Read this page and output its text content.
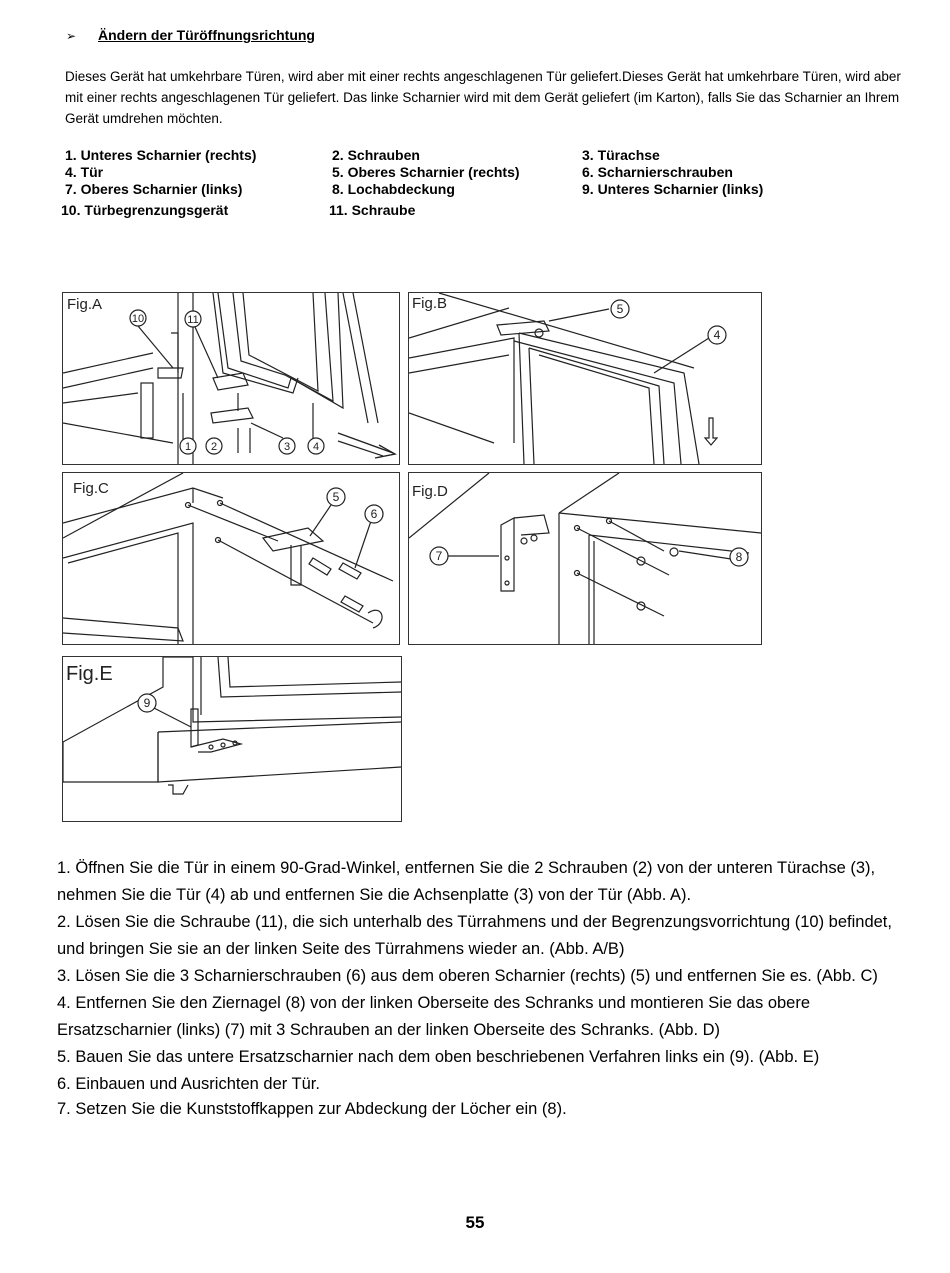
➢ Ändern der Türöffnungsrichtung
Dieses Gerät hat umkehrbare Türen, wird aber mit einer rechts angeschlagenen Tür geliefert.Dieses Gerät hat umkehrbare Türen, wird aber mit einer rechts angeschlagenen Tür geliefert. Das linke Scharnier wird mit dem Gerät geliefert (im Karton), falls Sie das Scharnier an Ihrem Gerät umdrehen möchten.
1. Unteres Scharnier (rechts)	2. Schrauben	3. Türachse
4. Tür	5. Oberes Scharnier (rechts)	6. Scharnierschrauben
7. Oberes Scharnier (links)	8. Lochabdeckung	9. Unteres Scharnier (links)
10. Türbegrenzungsgerät	11. Schraube
Fig.A
10	11
1 2	3 4
Fig.B	5
4
Fig.C	5
6
Fig.D
7	8
Fig.E
9
1. Öffnen Sie die Tür in einem 90-Grad-Winkel, entfernen Sie die 2 Schrauben (2) von der unteren Türachse (3), nehmen Sie die Tür (4) ab und entfernen Sie die Achsenplatte (3) von der Tür (Abb. A).
2. Lösen Sie die Schraube (11), die sich unterhalb des Türrahmens und der Begrenzungsvorrichtung (10) befindet, und bringen Sie sie an der linken Seite des Türrahmens wieder an. (Abb. A/B)
3. Lösen Sie die 3 Scharnierschrauben (6) aus dem oberen Scharnier (rechts) (5) und entfernen Sie es. (Abb. C)
4. Entfernen Sie den Ziernagel (8) von der linken Oberseite des Schranks und montieren Sie das obere Ersatzscharnier (links) (7) mit 3 Schrauben an der linken Oberseite des Schranks. (Abb. D)
5. Bauen Sie das untere Ersatzscharnier nach dem oben beschriebenen Verfahren links ein (9). (Abb. E)
6. Einbauen und Ausrichten der Tür.
7. Setzen Sie die Kunststoffkappen zur Abdeckung der Löcher ein (8).
55
